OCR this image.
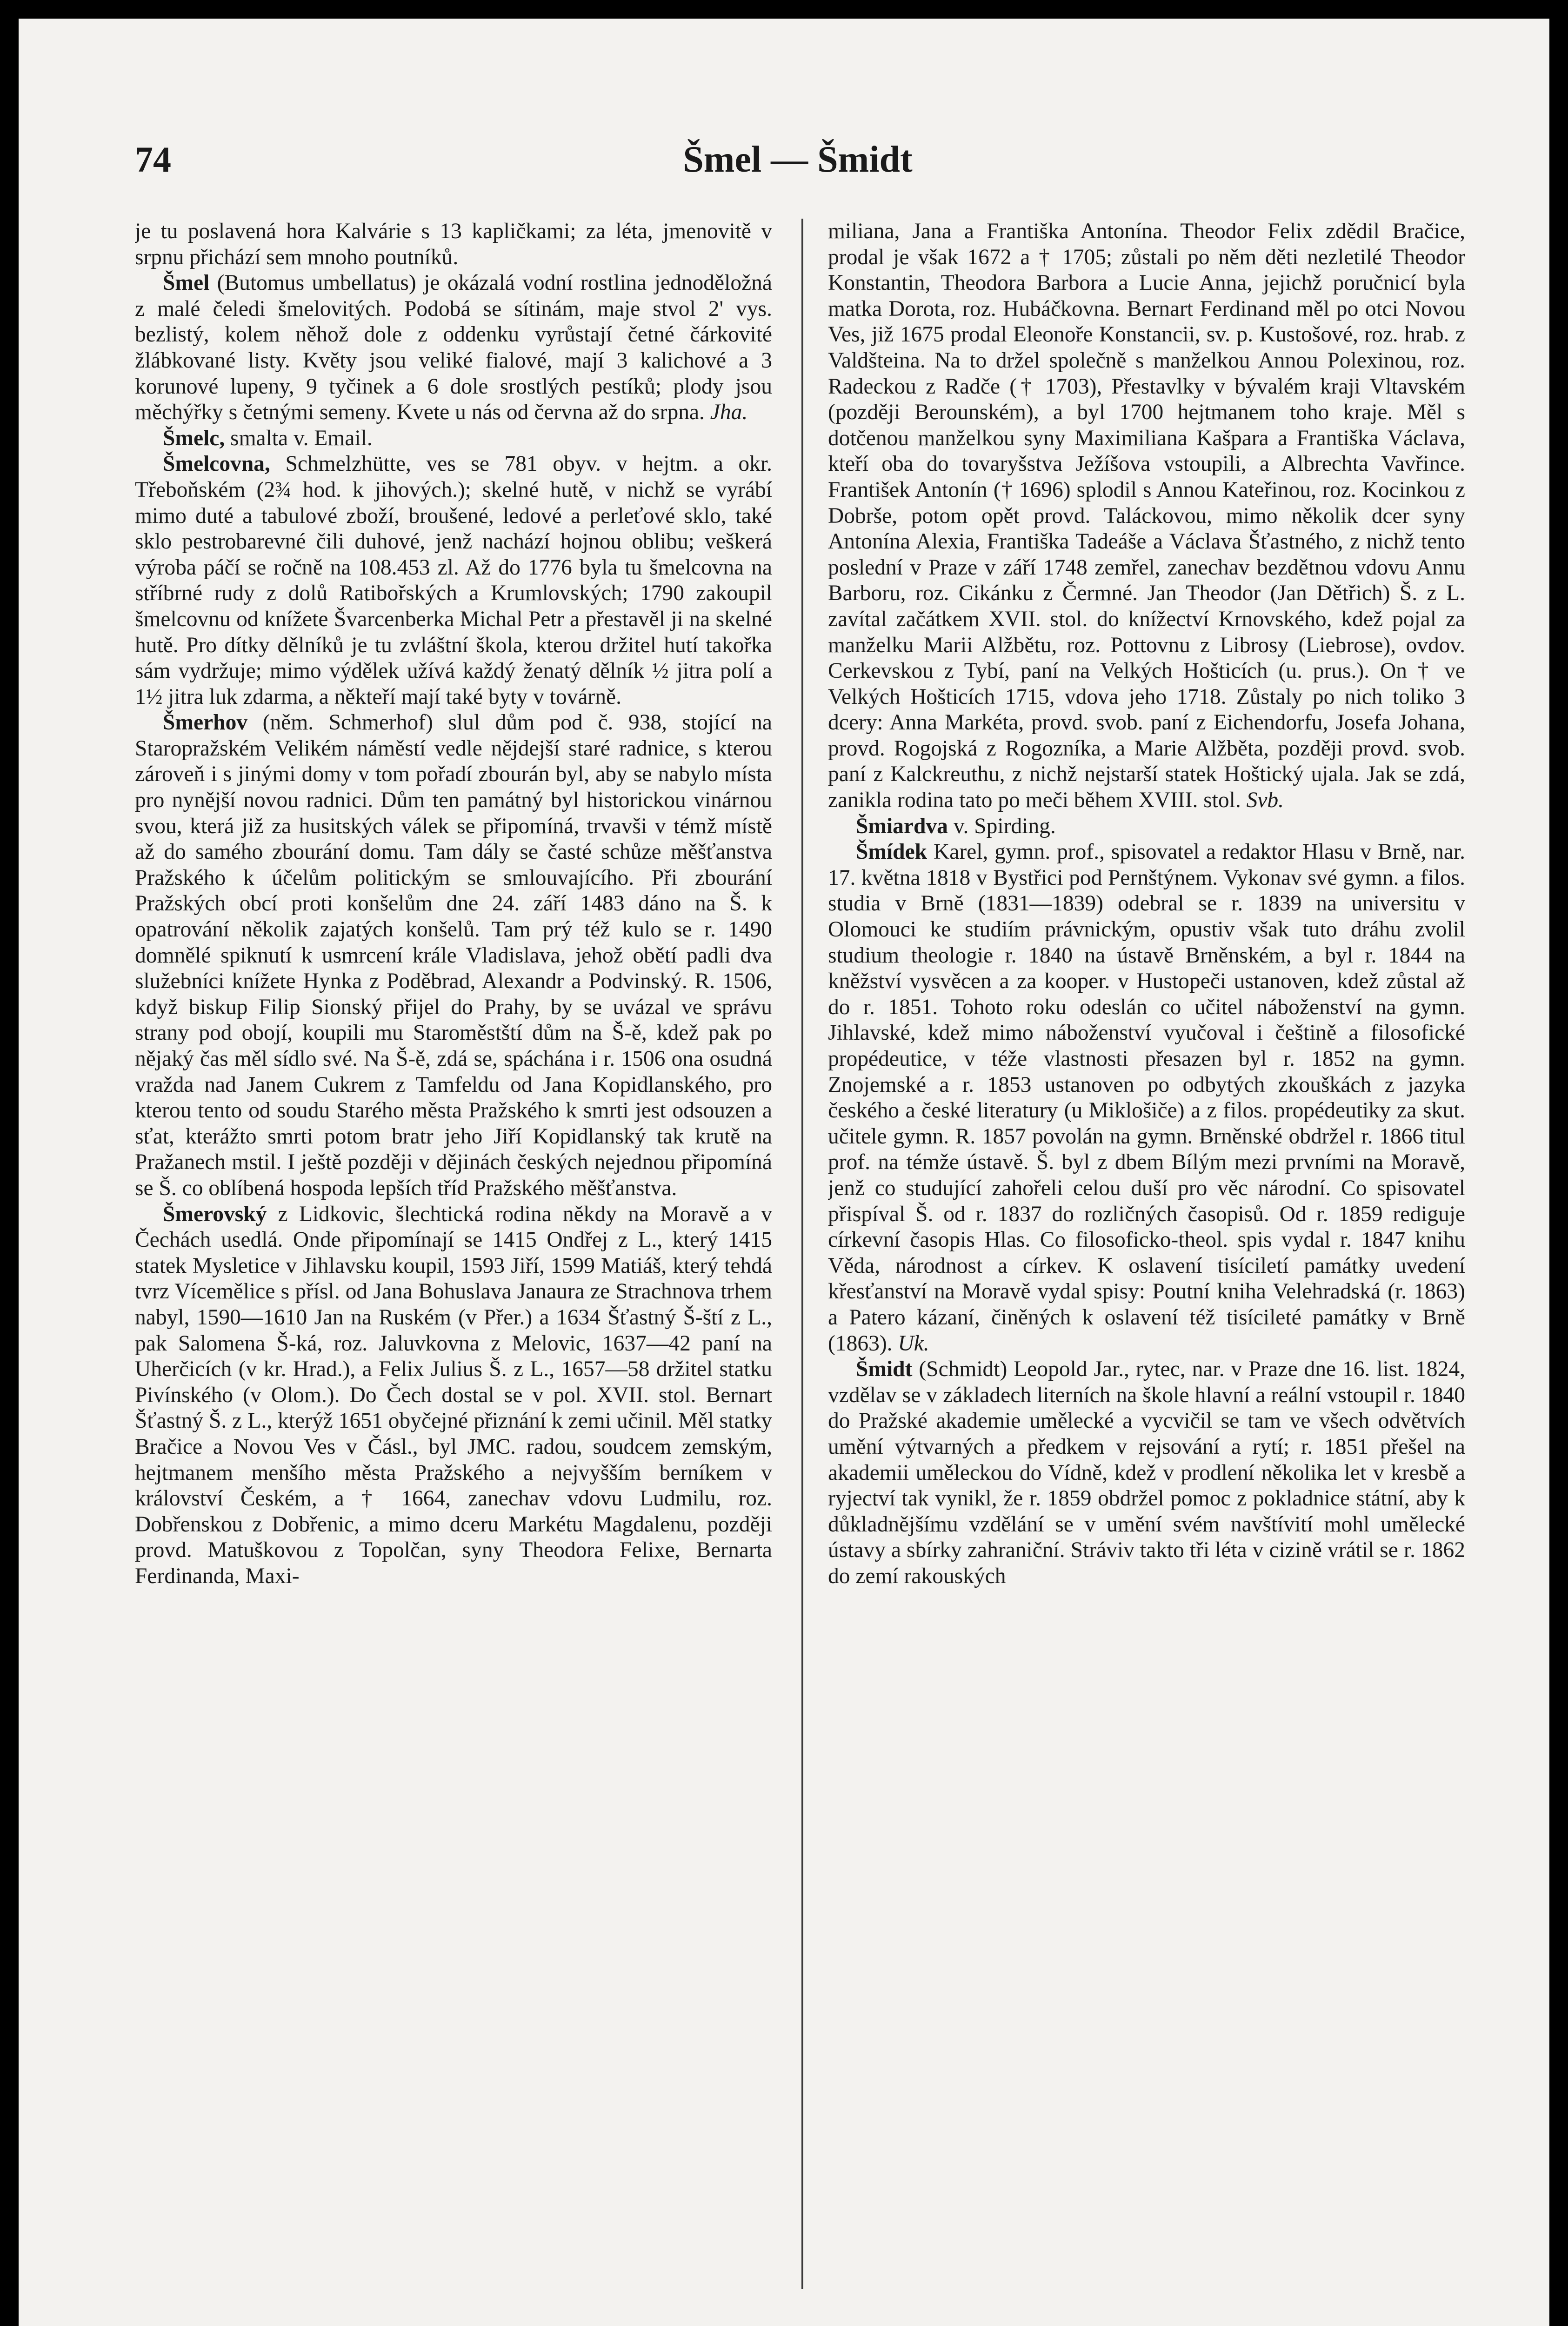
74	Šmel — Šmidt

je tu poslavená hora Kalvárie s 13 kapličkami; za léta, jmenovitě v srpnu přichází sem mnoho poutníků.

Šmel (Butomus umbellatus) je okázalá vodní rostlina jednoděložná z malé čeledi šmelovitých. Podobá se sítinám, maje stvol 2' vys. bezlistý, kolem něhož dole z oddenku vyrůstají četné čárkovité žlábkované listy. Květy jsou veliké fialové, mají 3 kalichové a 3 korunové lupeny, 9 tyčinek a 6 dole srostlých pestíků; plody jsou měchýřky s četnými semeny. Kvete u nás od června až do srpna. Jha.

Šmelc, smalta v. Email.

Šmelcovna, Schmelzhütte, ves se 781 obyv. v hejtm. a okr. Třeboňském (2¾ hod. k jihových.); skelné hutě, v nichž se vyrábí mimo duté a tabulové zboží, broušené, ledové a perleťové sklo, také sklo pestrobarevné čili duhové, jenž nachází hojnou oblibu; veškerá výroba páčí se ročně na 108.453 zl. Až do 1776 byla tu šmelcovna na stříbrné rudy z dolů Ratibořských a Krumlovských; 1790 zakoupil šmelcovnu od knížete Švarcenberka Michal Petr a přestavěl ji na skelné hutě. Pro dítky dělníků je tu zvláštní škola, kterou držitel hutí takořka sám vydržuje; mimo výdělek užívá každý ženatý dělník ½ jitra polí a 1½ jitra luk zdarma, a někteří mají také byty v továrně.

Šmerhov (něm. Schmerhof) slul dům pod č. 938, stojící na Staropražském Velikém náměstí vedle nějdejší staré radnice, s kterou zároveň i s jinými domy v tom pořadí zbourán byl, aby se nabylo místa pro nynější novou radnici. Dům ten památný byl historickou vinárnou svou, která již za husitských válek se připomíná, trvavši v témž místě až do samého zbourání domu. Tam dály se časté schůze měšťanstva Pražského k účelům politickým se smlouvajícího. Při zbourání Pražských obcí proti konšelům dne 24. září 1483 dáno na Š. k opatrování několik zajatých konšelů. Tam prý též kulo se r. 1490 domnělé spiknutí k usmrcení krále Vladislava, jehož obětí padli dva služebníci knížete Hynka z Poděbrad, Alexandr a Podvinský. R. 1506, když biskup Filip Sionský přijel do Prahy, by se uvázal ve správu strany pod obojí, koupili mu Staroměstští dům na Š-ě, kdež pak po nějaký čas měl sídlo své. Na Š-ě, zdá se, spáchána i r. 1506 ona osudná vražda nad Janem Cukrem z Tamfeldu od Jana Kopidlanského, pro kterou tento od soudu Starého města Pražského k smrti jest odsouzen a sťat, kterážto smrti potom bratr jeho Jiří Kopidlanský tak krutě na Pražanech mstil. I ještě později v dějinách českých nejednou připomíná se Š. co oblíbená hospoda lepších tříd Pražského měšťanstva.

Šmerovský z Lidkovic, šlechtická rodina někdy na Moravě a v Čechách usedlá. Onde připomínají se 1415 Ondřej z L., který 1415 statek Mysletice v Jihlavsku koupil, 1593 Jiří, 1599 Matiáš, který tehdá tvrz Vícemělice s přísl. od Jana Bohuslava Janaura ze Strachnova trhem nabyl, 1590—1610 Jan na Ruském (v Přer.) a 1634 Šťastný Š-ští z L., pak Salomena Š-ká, roz. Jaluvkovna z Melovic, 1637—42 paní na Uherčicích (v kr. Hrad.), a Felix Julius Š. z L., 1657—58 držitel statku Pivínského (v Olom.). Do Čech dostal se v pol. XVII. stol. Bernart Šťastný Š. z L., kterýž 1651 obyčejné přiznání k zemi učinil. Měl statky Bračice a Novou Ves v Čásl., byl JMC. radou, soudcem zemským, hejtmanem menšího města Pražského a nejvyšším berníkem v království Českém, a † 1664, zanechav vdovu Ludmilu, roz. Dobřenskou z Dobřenic, a mimo dceru Markétu Magdalenu, později provd. Matuškovou z Topolčan, syny Theodora Felixe, Bernarta Ferdinanda, Maxi-

miliana, Jana a Františka Antonína. Theodor Felix zdědil Bračice, prodal je však 1672 a † 1705; zůstali po něm děti nezletilé Theodor Konstantin, Theodora Barbora a Lucie Anna, jejichž poručnicí byla matka Dorota, roz. Hubáčkovna. Bernart Ferdinand měl po otci Novou Ves, již 1675 prodal Eleonoře Konstancii, sv. p. Kustošové, roz. hrab. z Valdšteina. Na to držel společně s manželkou Annou Polexinou, roz. Radeckou z Radče († 1703), Přestavlky v bývalém kraji Vltavském (později Berounském), a byl 1700 hejtmanem toho kraje. Měl s dotčenou manželkou syny Maximiliana Kašpara a Františka Václava, kteří oba do tovaryšstva Ježíšova vstoupili, a Albrechta Vavřince. František Antonín († 1696) splodil s Annou Kateřinou, roz. Kocinkou z Dobrše, potom opět provd. Taláckovou, mimo několik dcer syny Antonína Alexia, Františka Tadeáše a Václava Šťastného, z nichž tento poslední v Praze v září 1748 zemřel, zanechav bezdětnou vdovu Annu Barboru, roz. Cikánku z Čermné. Jan Theodor (Jan Dětřich) Š. z L. zavítal začátkem XVII. stol. do knížectví Krnovského, kdež pojal za manželku Marii Alžbětu, roz. Pottovnu z Librosy (Liebrose), ovdov. Cerkevskou z Tybí, paní na Velkých Hošticích (u. prus.). On † ve Velkých Hošticích 1715, vdova jeho 1718. Zůstaly po nich toliko 3 dcery: Anna Markéta, provd. svob. paní z Eichendorfu, Josefa Johana, provd. Rogojská z Rogozníka, a Marie Alžběta, později provd. svob. paní z Kalckreuthu, z nichž nejstarší statek Hoštický ujala. Jak se zdá, zanikla rodina tato po meči během XVIII. stol. Svb.

Šmiardva v. Spirding.

Šmídek Karel, gymn. prof., spisovatel a redaktor Hlasu v Brně, nar. 17. května 1818 v Bystřici pod Pernštýnem. Vykonav své gymn. a filos. studia v Brně (1831—1839) odebral se r. 1839 na universitu v Olomouci ke studiím právnickým, opustiv však tuto dráhu zvolil studium theologie r. 1840 na ústavě Brněnském, a byl r. 1844 na kněžství vysvěcen a za kooper. v Hustopeči ustanoven, kdež zůstal až do r. 1851. Tohoto roku odeslán co učitel náboženství na gymn. Jihlavské, kdež mimo náboženství vyučoval i češtině a filosofické propédeutice, v téže vlastnosti přesazen byl r. 1852 na gymn. Znojemské a r. 1853 ustanoven po odbytých zkouškách z jazyka českého a české literatury (u Miklošiče) a z filos. propédeutiky za skut. učitele gymn. R. 1857 povolán na gymn. Brněnské obdržel r. 1866 titul prof. na témže ústavě. Š. byl z dbem Bílým mezi prvními na Moravě, jenž co studující zahořeli celou duší pro věc národní. Co spisovatel přispíval Š. od r. 1837 do rozličných časopisů. Od r. 1859 rediguje církevní časopis Hlas. Co filosoficko-theol. spis vydal r. 1847 knihu Věda, národnost a církev. K oslavení tisíciletí památky uvedení křesťanství na Moravě vydal spisy: Poutní kniha Velehradská (r. 1863) a Patero kázaní, činěných k oslavení též tisícileté památky v Brně (1863). Uk.

Šmidt (Schmidt) Leopold Jar., rytec, nar. v Praze dne 16. list. 1824, vzdělav se v základech literních na škole hlavní a reální vstoupil r. 1840 do Pražské akademie umělecké a vycvičil se tam ve všech odvětvích umění výtvarných a předkem v rejsování a rytí; r. 1851 přešel na akademii uměleckou do Vídně, kdež v prodlení několika let v kresbě a ryjectví tak vynikl, že r. 1859 obdržel pomoc z pokladnice státní, aby k důkladnějšímu vzdělání se v umění svém navštívití mohl umělecké ústavy a sbírky zahraniční. Stráviv takto tři léta v cizině vrátil se r. 1862 do zemí rakouských
